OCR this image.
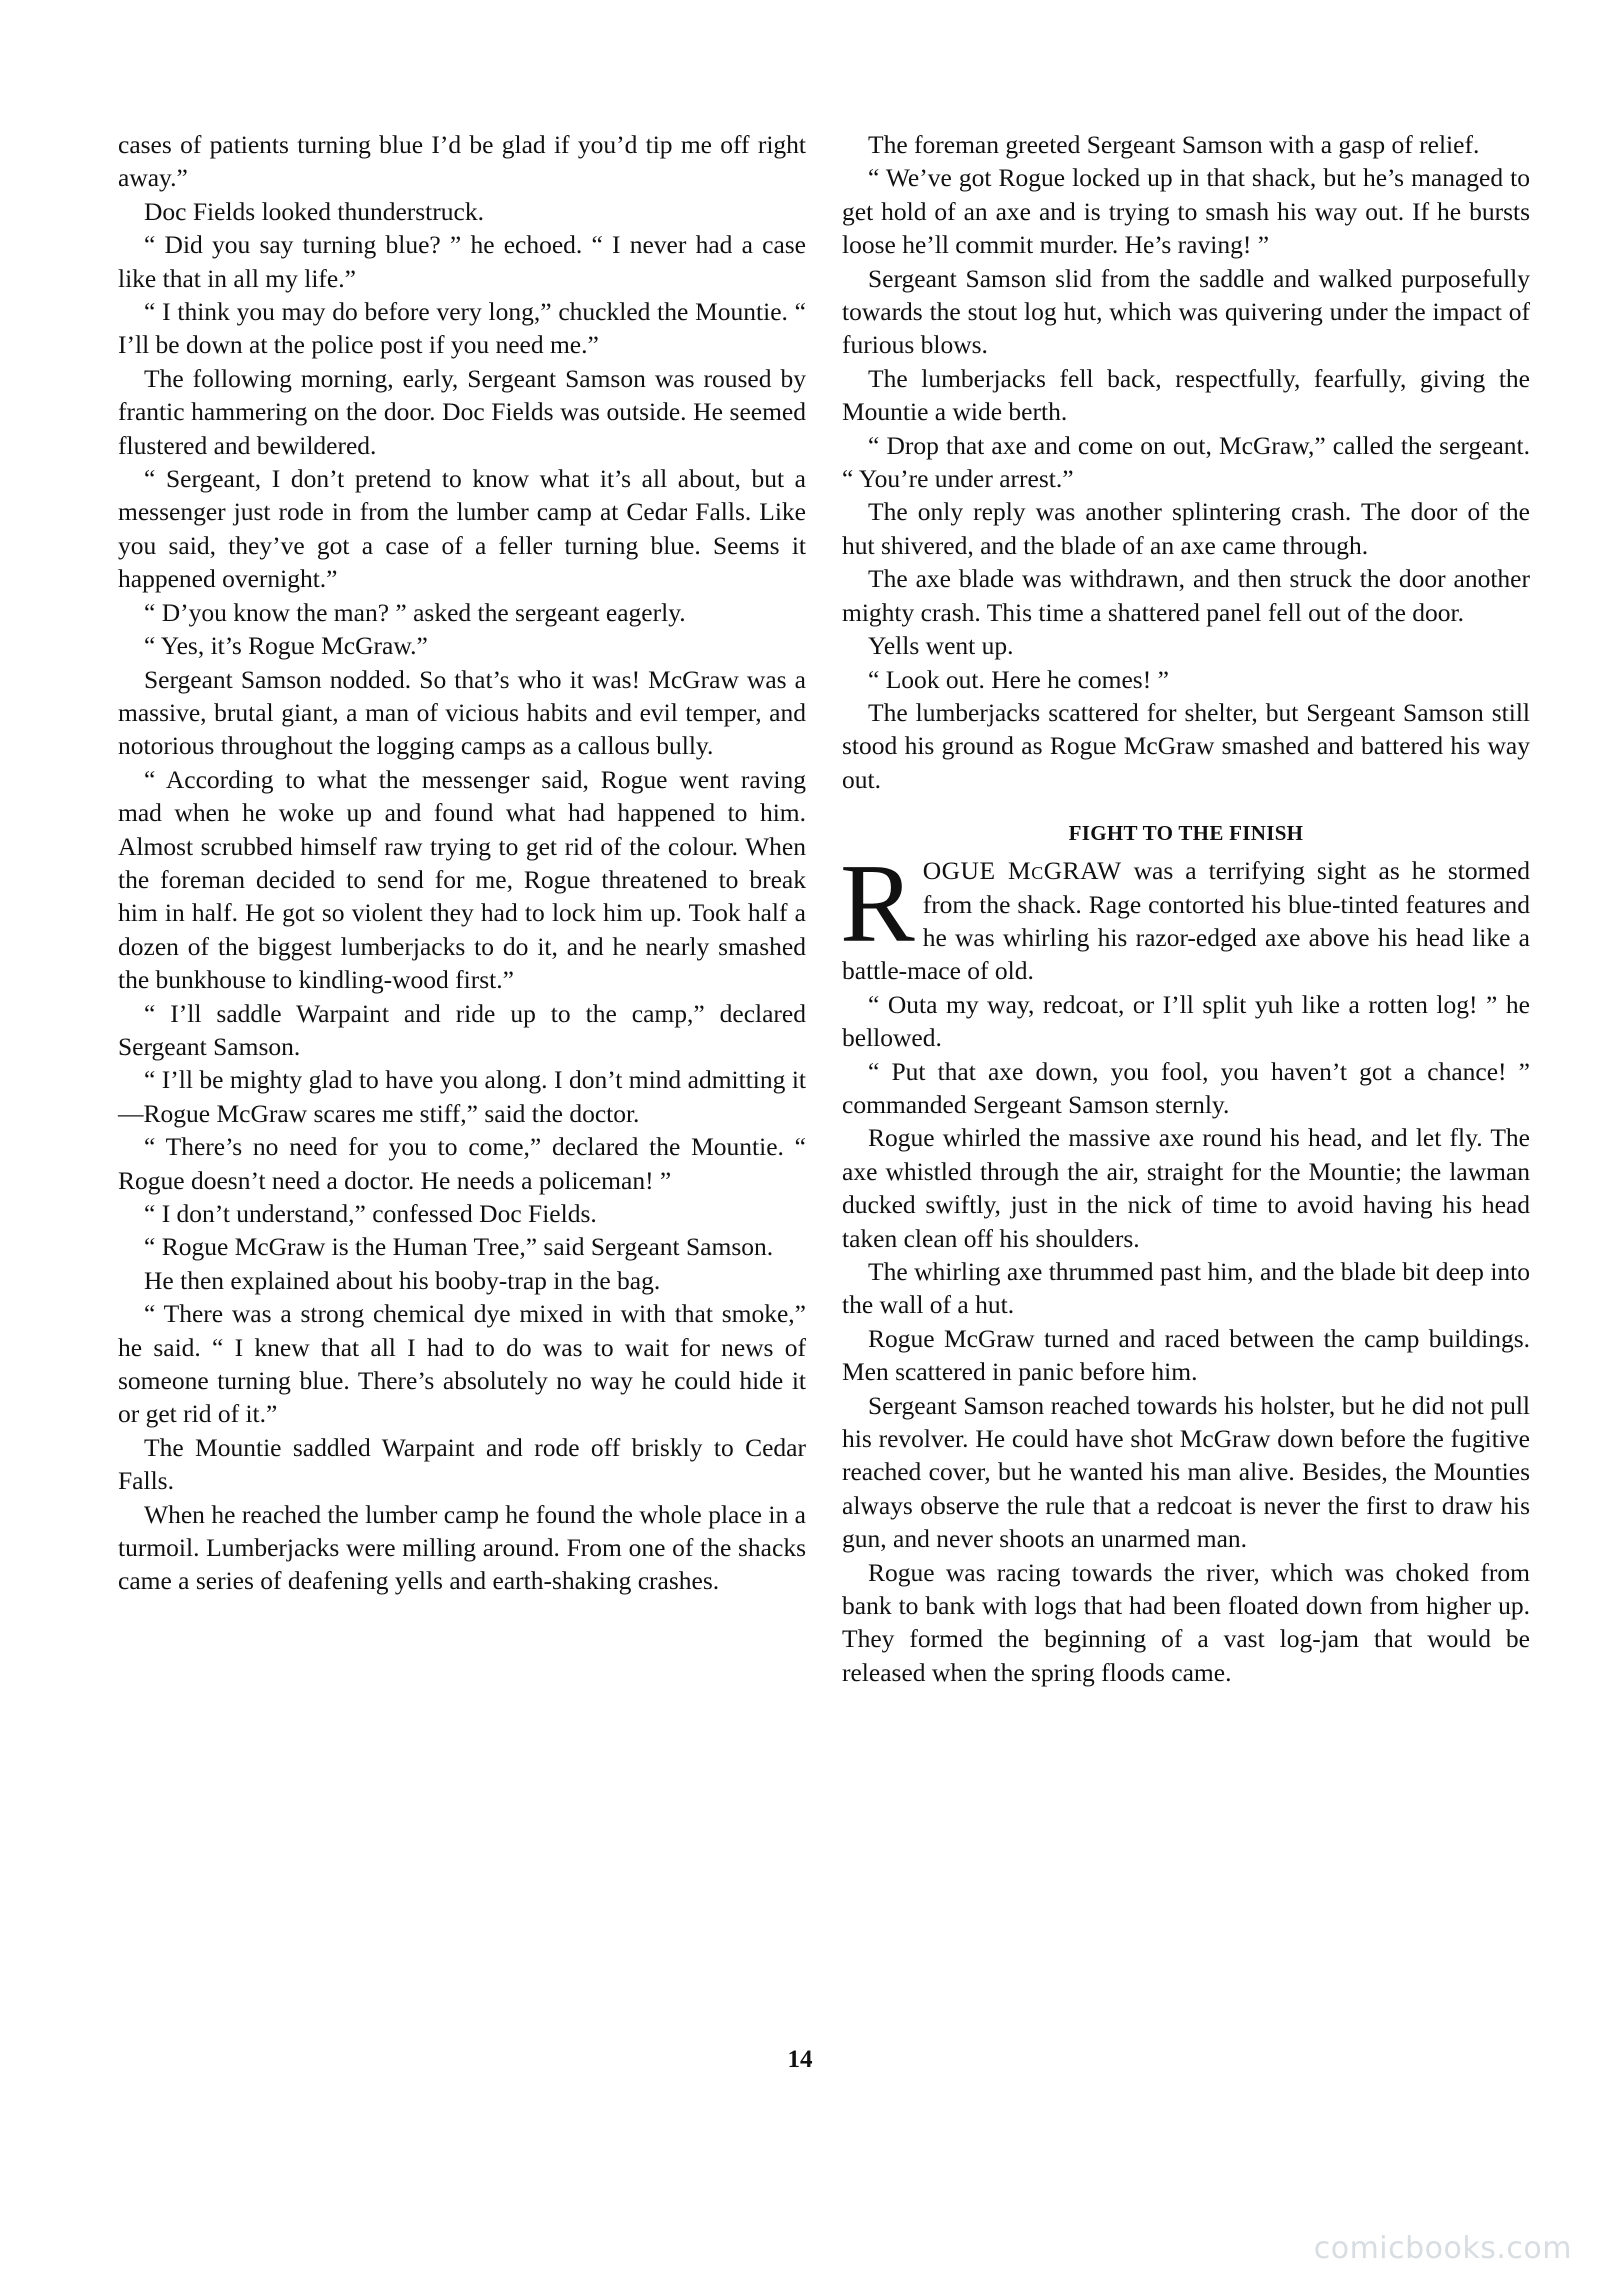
cases of patients turning blue I’d be glad if you’d tip me off right away.”

Doc Fields looked thunderstruck.

“ Did you say turning blue? ” he echoed. “ I never had a case like that in all my life.”

“ I think you may do before very long,” chuckled the Mountie. “ I’ll be down at the police post if you need me.”

The following morning, early, Sergeant Samson was roused by frantic hammering on the door. Doc Fields was outside. He seemed flustered and bewildered.

“ Sergeant, I don’t pretend to know what it’s all about, but a messenger just rode in from the lumber camp at Cedar Falls. Like you said, they’ve got a case of a feller turning blue. Seems it happened overnight.”

“ D’you know the man? ” asked the sergeant eagerly.

“ Yes, it’s Rogue McGraw.”

Sergeant Samson nodded. So that’s who it was! McGraw was a massive, brutal giant, a man of vicious habits and evil temper, and notorious throughout the logging camps as a callous bully.

“ According to what the messenger said, Rogue went raving mad when he woke up and found what had happened to him. Almost scrubbed himself raw trying to get rid of the colour. When the foreman decided to send for me, Rogue threatened to break him in half. He got so violent they had to lock him up. Took half a dozen of the biggest lumberjacks to do it, and he nearly smashed the bunkhouse to kindling-wood first.”

“ I’ll saddle Warpaint and ride up to the camp,” declared Sergeant Samson.

“ I’ll be mighty glad to have you along. I don’t mind admitting it—Rogue McGraw scares me stiff,” said the doctor.

“ There’s no need for you to come,” declared the Mountie. “ Rogue doesn’t need a doctor. He needs a policeman! ”

“ I don’t understand,” confessed Doc Fields.

“ Rogue McGraw is the Human Tree,” said Sergeant Samson.

He then explained about his booby-trap in the bag.

“ There was a strong chemical dye mixed in with that smoke,” he said. “ I knew that all I had to do was to wait for news of someone turning blue. There’s absolutely no way he could hide it or get rid of it.”

The Mountie saddled Warpaint and rode off briskly to Cedar Falls.

When he reached the lumber camp he found the whole place in a turmoil. Lumberjacks were milling around. From one of the shacks came a series of deafening yells and earth-shaking crashes.

The foreman greeted Sergeant Samson with a gasp of relief.

“ We’ve got Rogue locked up in that shack, but he’s managed to get hold of an axe and is trying to smash his way out. If he bursts loose he’ll commit murder. He’s raving! ”

Sergeant Samson slid from the saddle and walked purposefully towards the stout log hut, which was quivering under the impact of furious blows.

The lumberjacks fell back, respectfully, fearfully, giving the Mountie a wide berth.

“ Drop that axe and come on out, McGraw,” called the sergeant. “ You’re under arrest.”

The only reply was another splintering crash. The door of the hut shivered, and the blade of an axe came through.

The axe blade was withdrawn, and then struck the door another mighty crash. This time a shattered panel fell out of the door.

Yells went up.

“ Look out. Here he comes! ”

The lumberjacks scattered for shelter, but Sergeant Samson still stood his ground as Rogue McGraw smashed and battered his way out.

FIGHT TO THE FINISH

ROGUE McGRAW was a terrifying sight as he stormed from the shack. Rage contorted his blue-tinted features and he was whirling his razor-edged axe above his head like a battle-mace of old.

“ Outa my way, redcoat, or I’ll split yuh like a rotten log! ” he bellowed.

“ Put that axe down, you fool, you haven’t got a chance! ” commanded Sergeant Samson sternly.

Rogue whirled the massive axe round his head, and let fly. The axe whistled through the air, straight for the Mountie; the lawman ducked swiftly, just in the nick of time to avoid having his head taken clean off his shoulders.

The whirling axe thrummed past him, and the blade bit deep into the wall of a hut.

Rogue McGraw turned and raced between the camp buildings. Men scattered in panic before him.

Sergeant Samson reached towards his holster, but he did not pull his revolver. He could have shot McGraw down before the fugitive reached cover, but he wanted his man alive. Besides, the Mounties always observe the rule that a redcoat is never the first to draw his gun, and never shoots an unarmed man.

Rogue was racing towards the river, which was choked from bank to bank with logs that had been floated down from higher up. They formed the beginning of a vast log-jam that would be released when the spring floods came.

14
comicbooks.com
